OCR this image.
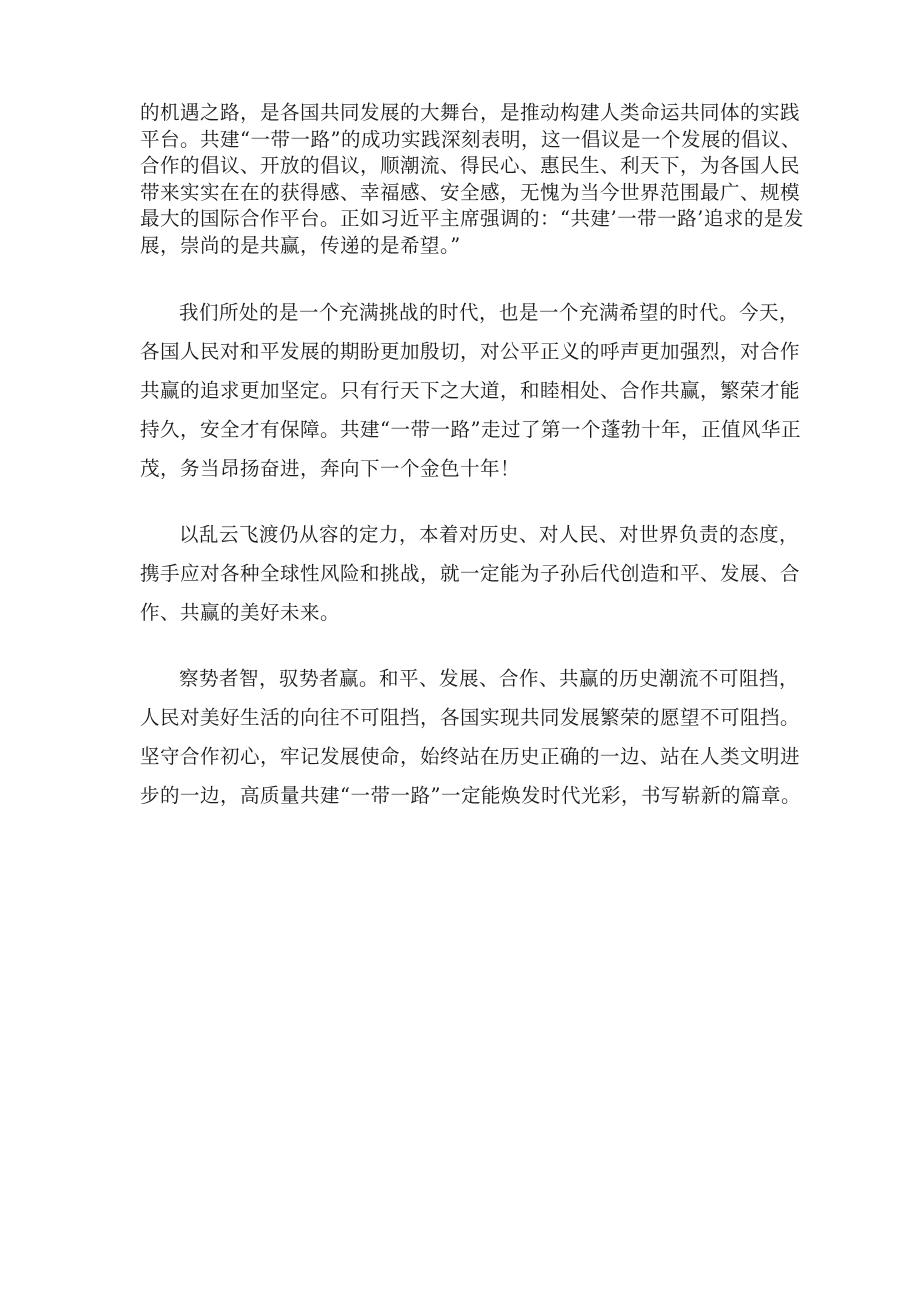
的机遇之路，是各国共同发展的大舞台，是推动构建人类命运共同体的实践平台。共建“一带一路”的成功实践深刻表明，这一倡议是一个发展的倡议、合作的倡议、开放的倡议，顺潮流、得民心、惠民生、利天下，为各国人民带来实实在在的获得感、幸福感、安全感，无愧为当今世界范围最广、规模最大的国际合作平台。正如习近平主席强调的：“共建’一带一路’追求的是发展，崇尚的是共赢，传递的是希望。”

我们所处的是一个充满挑战的时代，也是一个充满希望的时代。今天，各国人民对和平发展的期盼更加殷切，对公平正义的呼声更加强烈，对合作共赢的追求更加坚定。只有行天下之大道，和睦相处、合作共赢，繁荣才能持久，安全才有保障。共建“一带一路”走过了第一个蓬勃十年，正值风华正茂，务当昂扬奋进，奔向下一个金色十年！

以乱云飞渡仍从容的定力，本着对历史、对人民、对世界负责的态度，携手应对各种全球性风险和挑战，就一定能为子孙后代创造和平、发展、合作、共赢的美好未来。

察势者智，驭势者赢。和平、发展、合作、共赢的历史潮流不可阻挡，人民对美好生活的向往不可阻挡，各国实现共同发展繁荣的愿望不可阻挡。坚守合作初心，牢记发展使命，始终站在历史正确的一边、站在人类文明进步的一边，高质量共建“一带一路”一定能焕发时代光彩，书写崭新的篇章。
